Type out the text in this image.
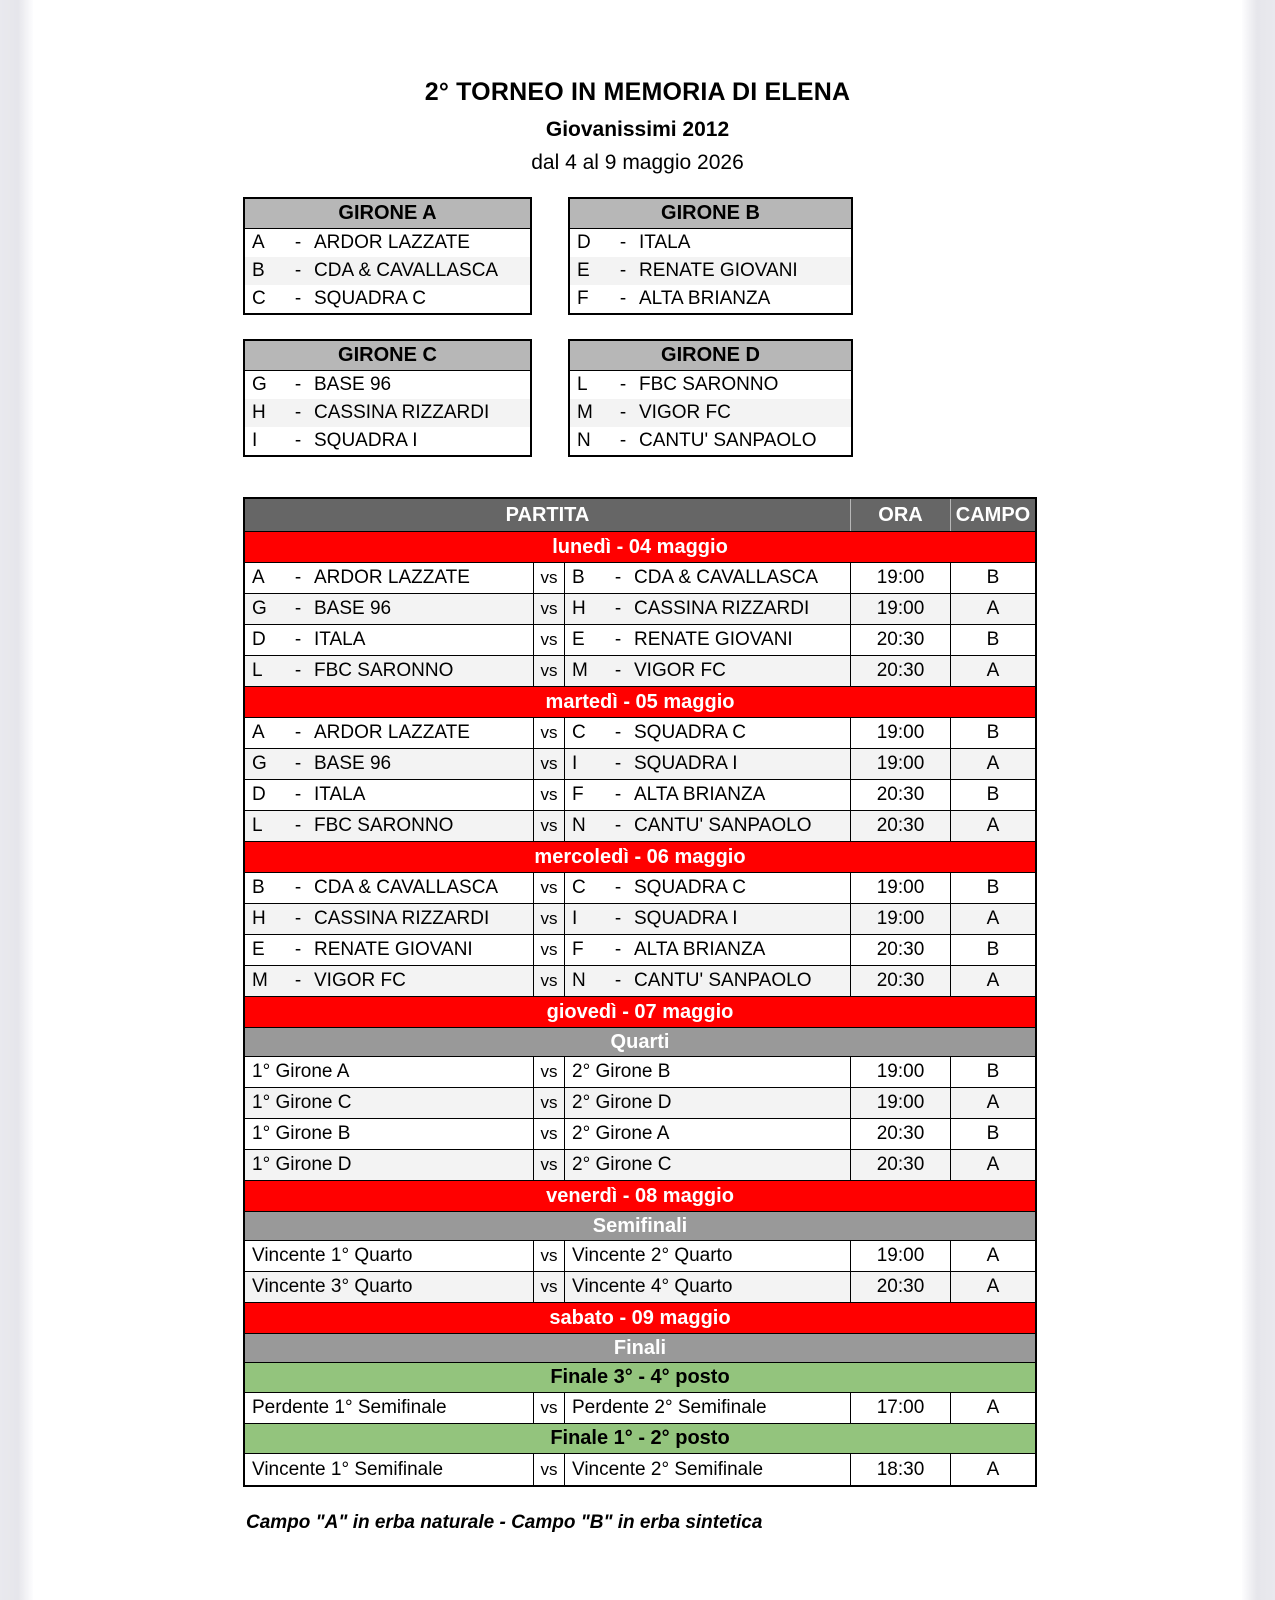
2° TORNEO IN MEMORIA DI ELENA
Giovanissimi 2012
dal 4 al 9 maggio 2026
GIRONE A
A	- ARDOR LAZZATE
B	- CDA & CAVALLASCA
C	- SQUADRA C
GIRONE B
D	- ITALA
E	- RENATE GIOVANI
F	- ALTA BRIANZA
GIRONE C
G	- BASE 96
H	- CASSINA RIZZARDI
I	- SQUADRA I
GIRONE D
L	- FBC SARONNO
M	- VIGOR FC
N	- CANTU' SANPAOLO
PARTITA	ORA	CAMPO
lunedì - 04 maggio
A	- ARDOR LAZZATE	vs B	- CDA & CAVALLASCA	19:00	B
G	- BASE 96	vs H	- CASSINA RIZZARDI	19:00	A
D	- ITALA	vs E	- RENATE GIOVANI	20:30	B
L	- FBC SARONNO	vs M	- VIGOR FC	20:30	A
martedì - 05 maggio
A	- ARDOR LAZZATE	vs C	- SQUADRA C	19:00	B
G	- BASE 96	vs I	- SQUADRA I	19:00	A
D	- ITALA	vs F	- ALTA BRIANZA	20:30	B
L	- FBC SARONNO	vs N	- CANTU' SANPAOLO	20:30	A
mercoledì - 06 maggio
B	- CDA & CAVALLASCA	vs C	- SQUADRA C	19:00	B
H	- CASSINA RIZZARDI	vs I	- SQUADRA I	19:00	A
E	- RENATE GIOVANI	vs F	- ALTA BRIANZA	20:30	B
M	- VIGOR FC	vs N	- CANTU' SANPAOLO	20:30	A
giovedì - 07 maggio
Quarti
1° Girone A	vs 2° Girone B	19:00	B
1° Girone C	vs 2° Girone D	19:00	A
1° Girone B	vs 2° Girone A	20:30	B
1° Girone D	vs 2° Girone C	20:30	A
venerdì - 08 maggio
Semifinali
Vincente 1° Quarto	vs Vincente 2° Quarto	19:00	A
Vincente 3° Quarto	vs Vincente 4° Quarto	20:30	A
sabato - 09 maggio
Finali
Finale 3° - 4° posto
Perdente 1° Semifinale	vs Perdente 2° Semifinale	17:00	A
Finale 1° - 2° posto
Vincente 1° Semifinale	vs Vincente 2° Semifinale	18:30	A
Campo "A" in erba naturale - Campo "B" in erba sintetica
